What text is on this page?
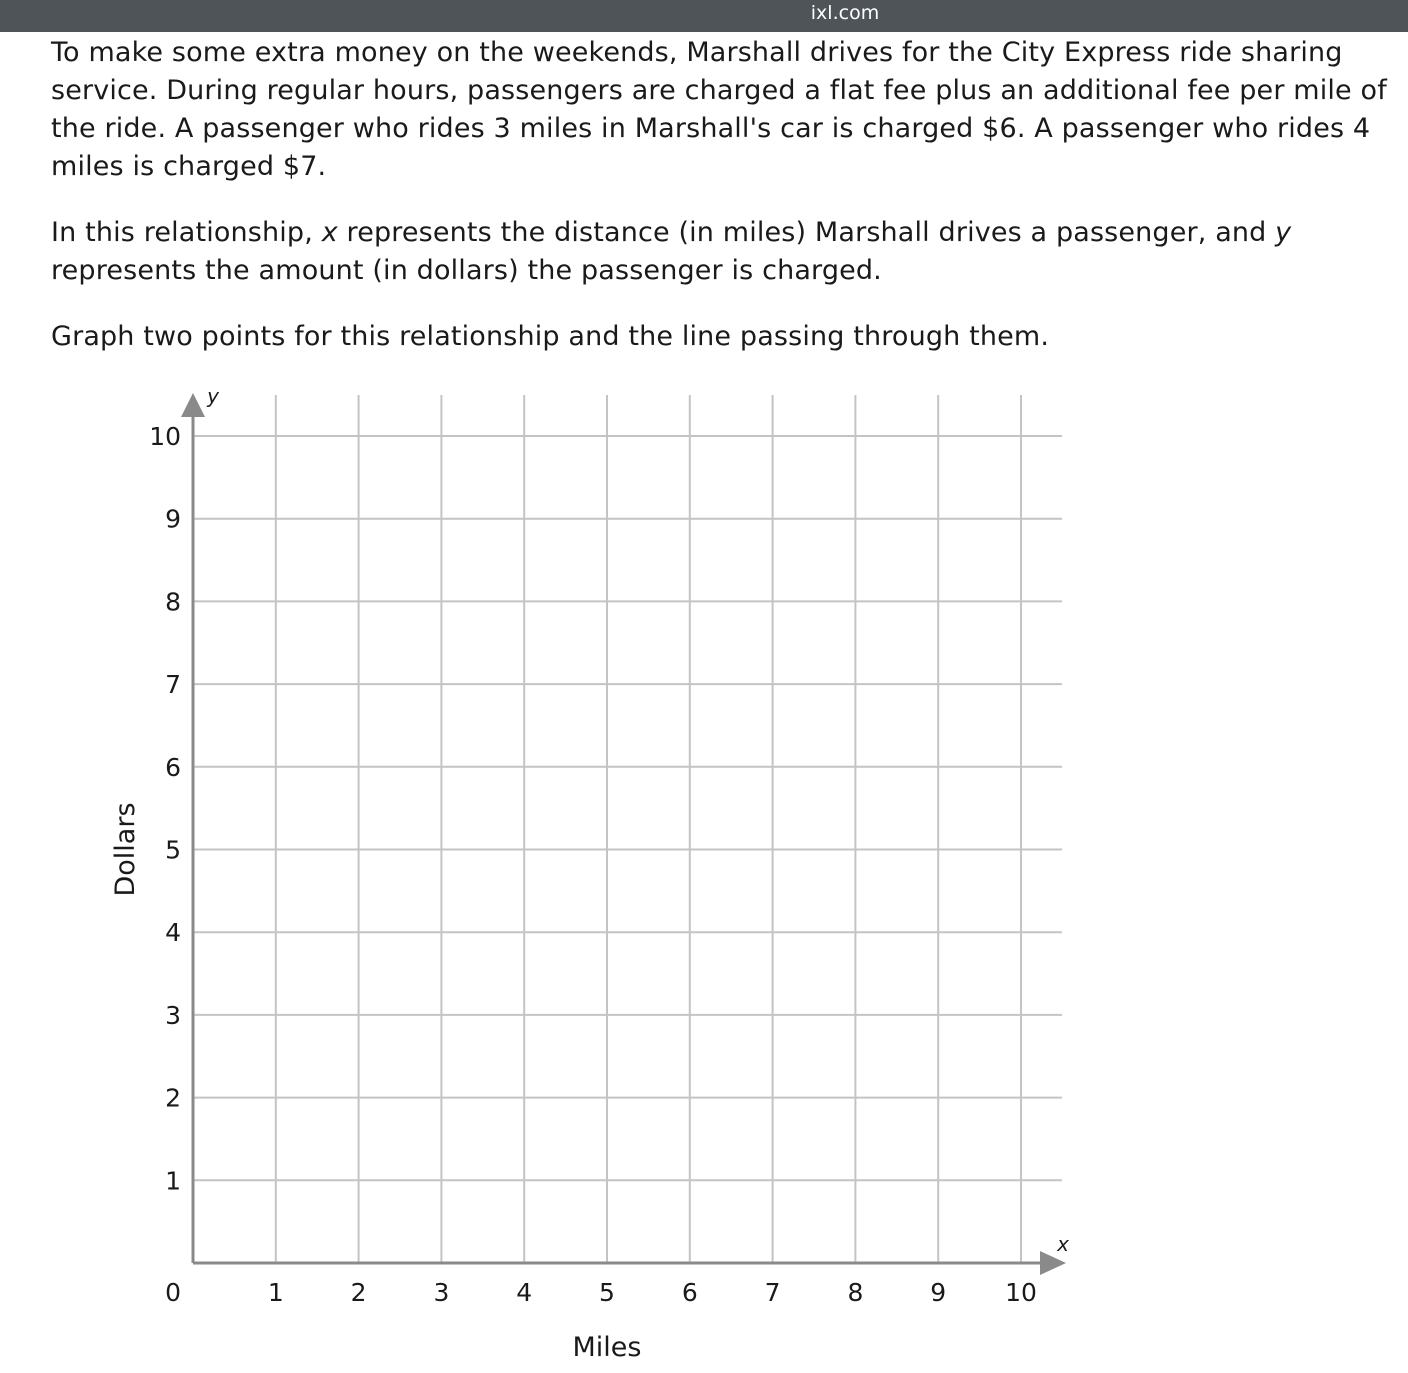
ixl.com

To make some extra money on the weekends, Marshall drives for the City Express ride sharing service. During regular hours, passengers are charged a flat fee plus an additional fee per mile of the ride. A passenger who rides 3 miles in Marshall's car is charged $6. A passenger who rides 4 miles is charged $7.

In this relationship, x represents the distance (in miles) Marshall drives a passenger, and y represents the amount (in dollars) the passenger is charged.

Graph two points for this relationship and the line passing through them.

1	2	3	4	5	6	7	8	9 10
1
2
3
4
5
6
7
8
9
10
0
x
y
Miles
Dollars
